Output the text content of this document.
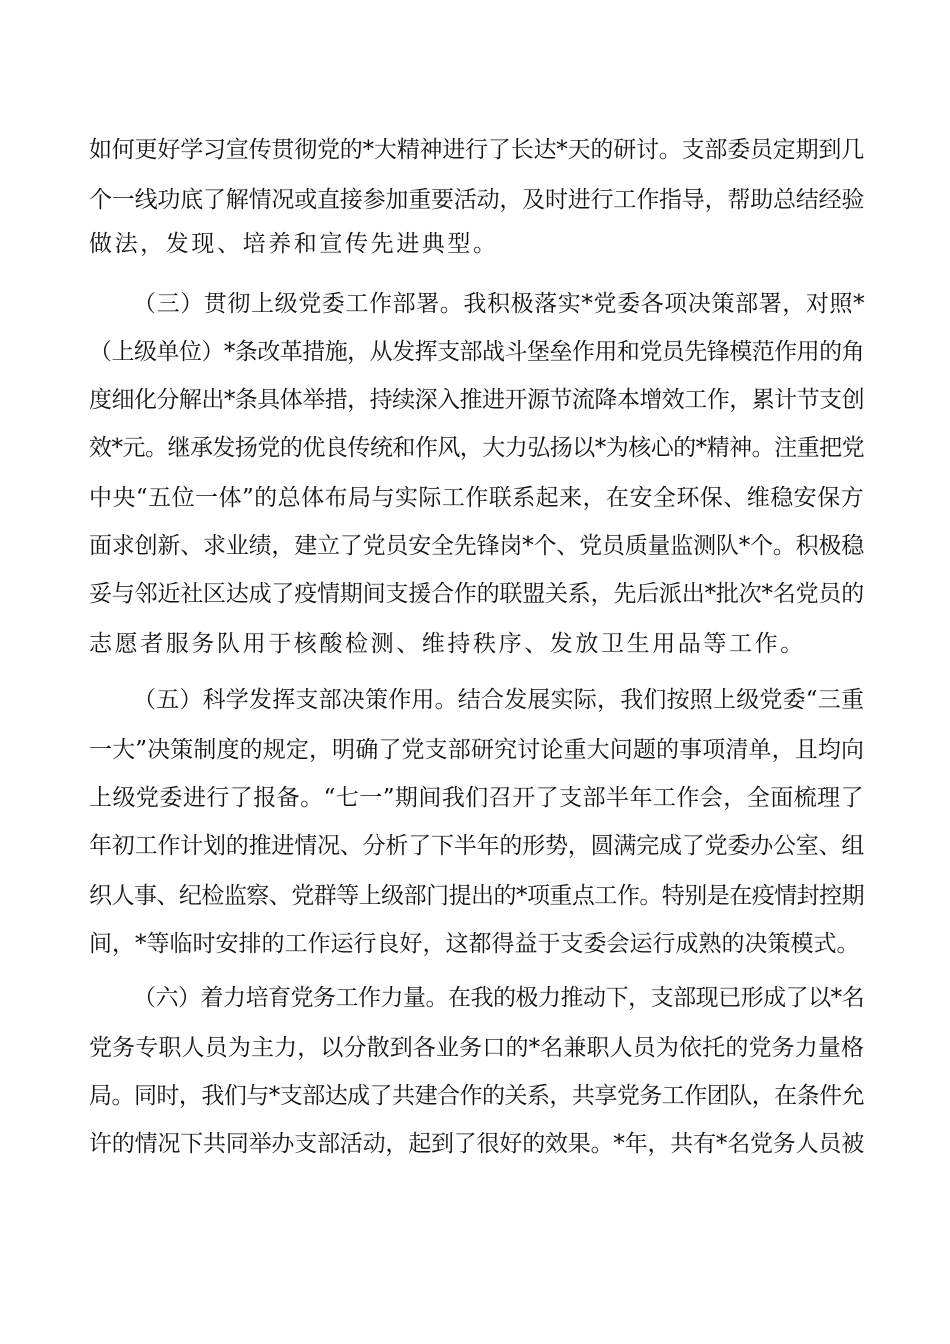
如何更好学习宣传贯彻党的*大精神进行了长达*天的研讨。支部委员定期到几
个一线功底了解情况或直接参加重要活动，及时进行工作指导，帮助总结经验
做法，发现、培养和宣传先进典型。
（三）贯彻上级党委工作部署。我积极落实*党委各项决策部署，对照*
（上级单位）*条改革措施，从发挥支部战斗堡垒作用和党员先锋模范作用的角
度细化分解出*条具体举措，持续深入推进开源节流降本增效工作，累计节支创
效*元。继承发扬党的优良传统和作风，大力弘扬以*为核心的*精神。注重把党
中央“五位一体”的总体布局与实际工作联系起来，在安全环保、维稳安保方
面求创新、求业绩，建立了党员安全先锋岗*个、党员质量监测队*个。积极稳
妥与邻近社区达成了疫情期间支援合作的联盟关系，先后派出*批次*名党员的
志愿者服务队用于核酸检测、维持秩序、发放卫生用品等工作。
（五）科学发挥支部决策作用。结合发展实际，我们按照上级党委“三重
一大”决策制度的规定，明确了党支部研究讨论重大问题的事项清单，且均向
上级党委进行了报备。“七一”期间我们召开了支部半年工作会，全面梳理了
年初工作计划的推进情况、分析了下半年的形势，圆满完成了党委办公室、组
织人事、纪检监察、党群等上级部门提出的*项重点工作。特别是在疫情封控期
间，*等临时安排的工作运行良好，这都得益于支委会运行成熟的决策模式。
（六）着力培育党务工作力量。在我的极力推动下，支部现已形成了以*名
党务专职人员为主力，以分散到各业务口的*名兼职人员为依托的党务力量格
局。同时，我们与*支部达成了共建合作的关系，共享党务工作团队，在条件允
许的情况下共同举办支部活动，起到了很好的效果。*年，共有*名党务人员被
